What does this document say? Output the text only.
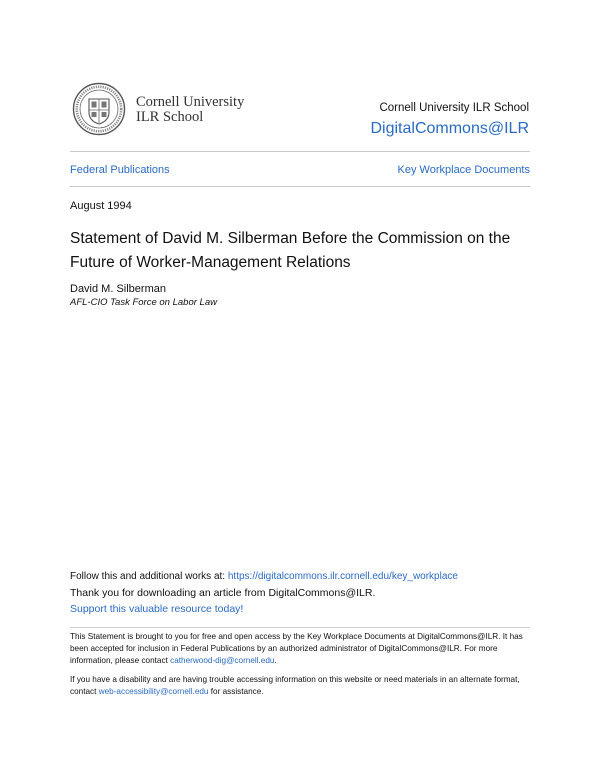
Cornell University
ILR School
Cornell University ILR School
DigitalCommons@ILR
Federal Publications	Key Workplace Documents
August 1994
Statement of David M. Silberman Before the Commission on the Future of Worker-Management Relations
David M. Silberman
AFL-CIO Task Force on Labor Law
Follow this and additional works at: https://digitalcommons.ilr.cornell.edu/key_workplace
Thank you for downloading an article from DigitalCommons@ILR.
Support this valuable resource today!
This Statement is brought to you for free and open access by the Key Workplace Documents at DigitalCommons@ILR. It has been accepted for inclusion in Federal Publications by an authorized administrator of DigitalCommons@ILR. For more information, please contact catherwood-dig@cornell.edu.
If you have a disability and are having trouble accessing information on this website or need materials in an alternate format, contact web-accessibility@cornell.edu for assistance.
